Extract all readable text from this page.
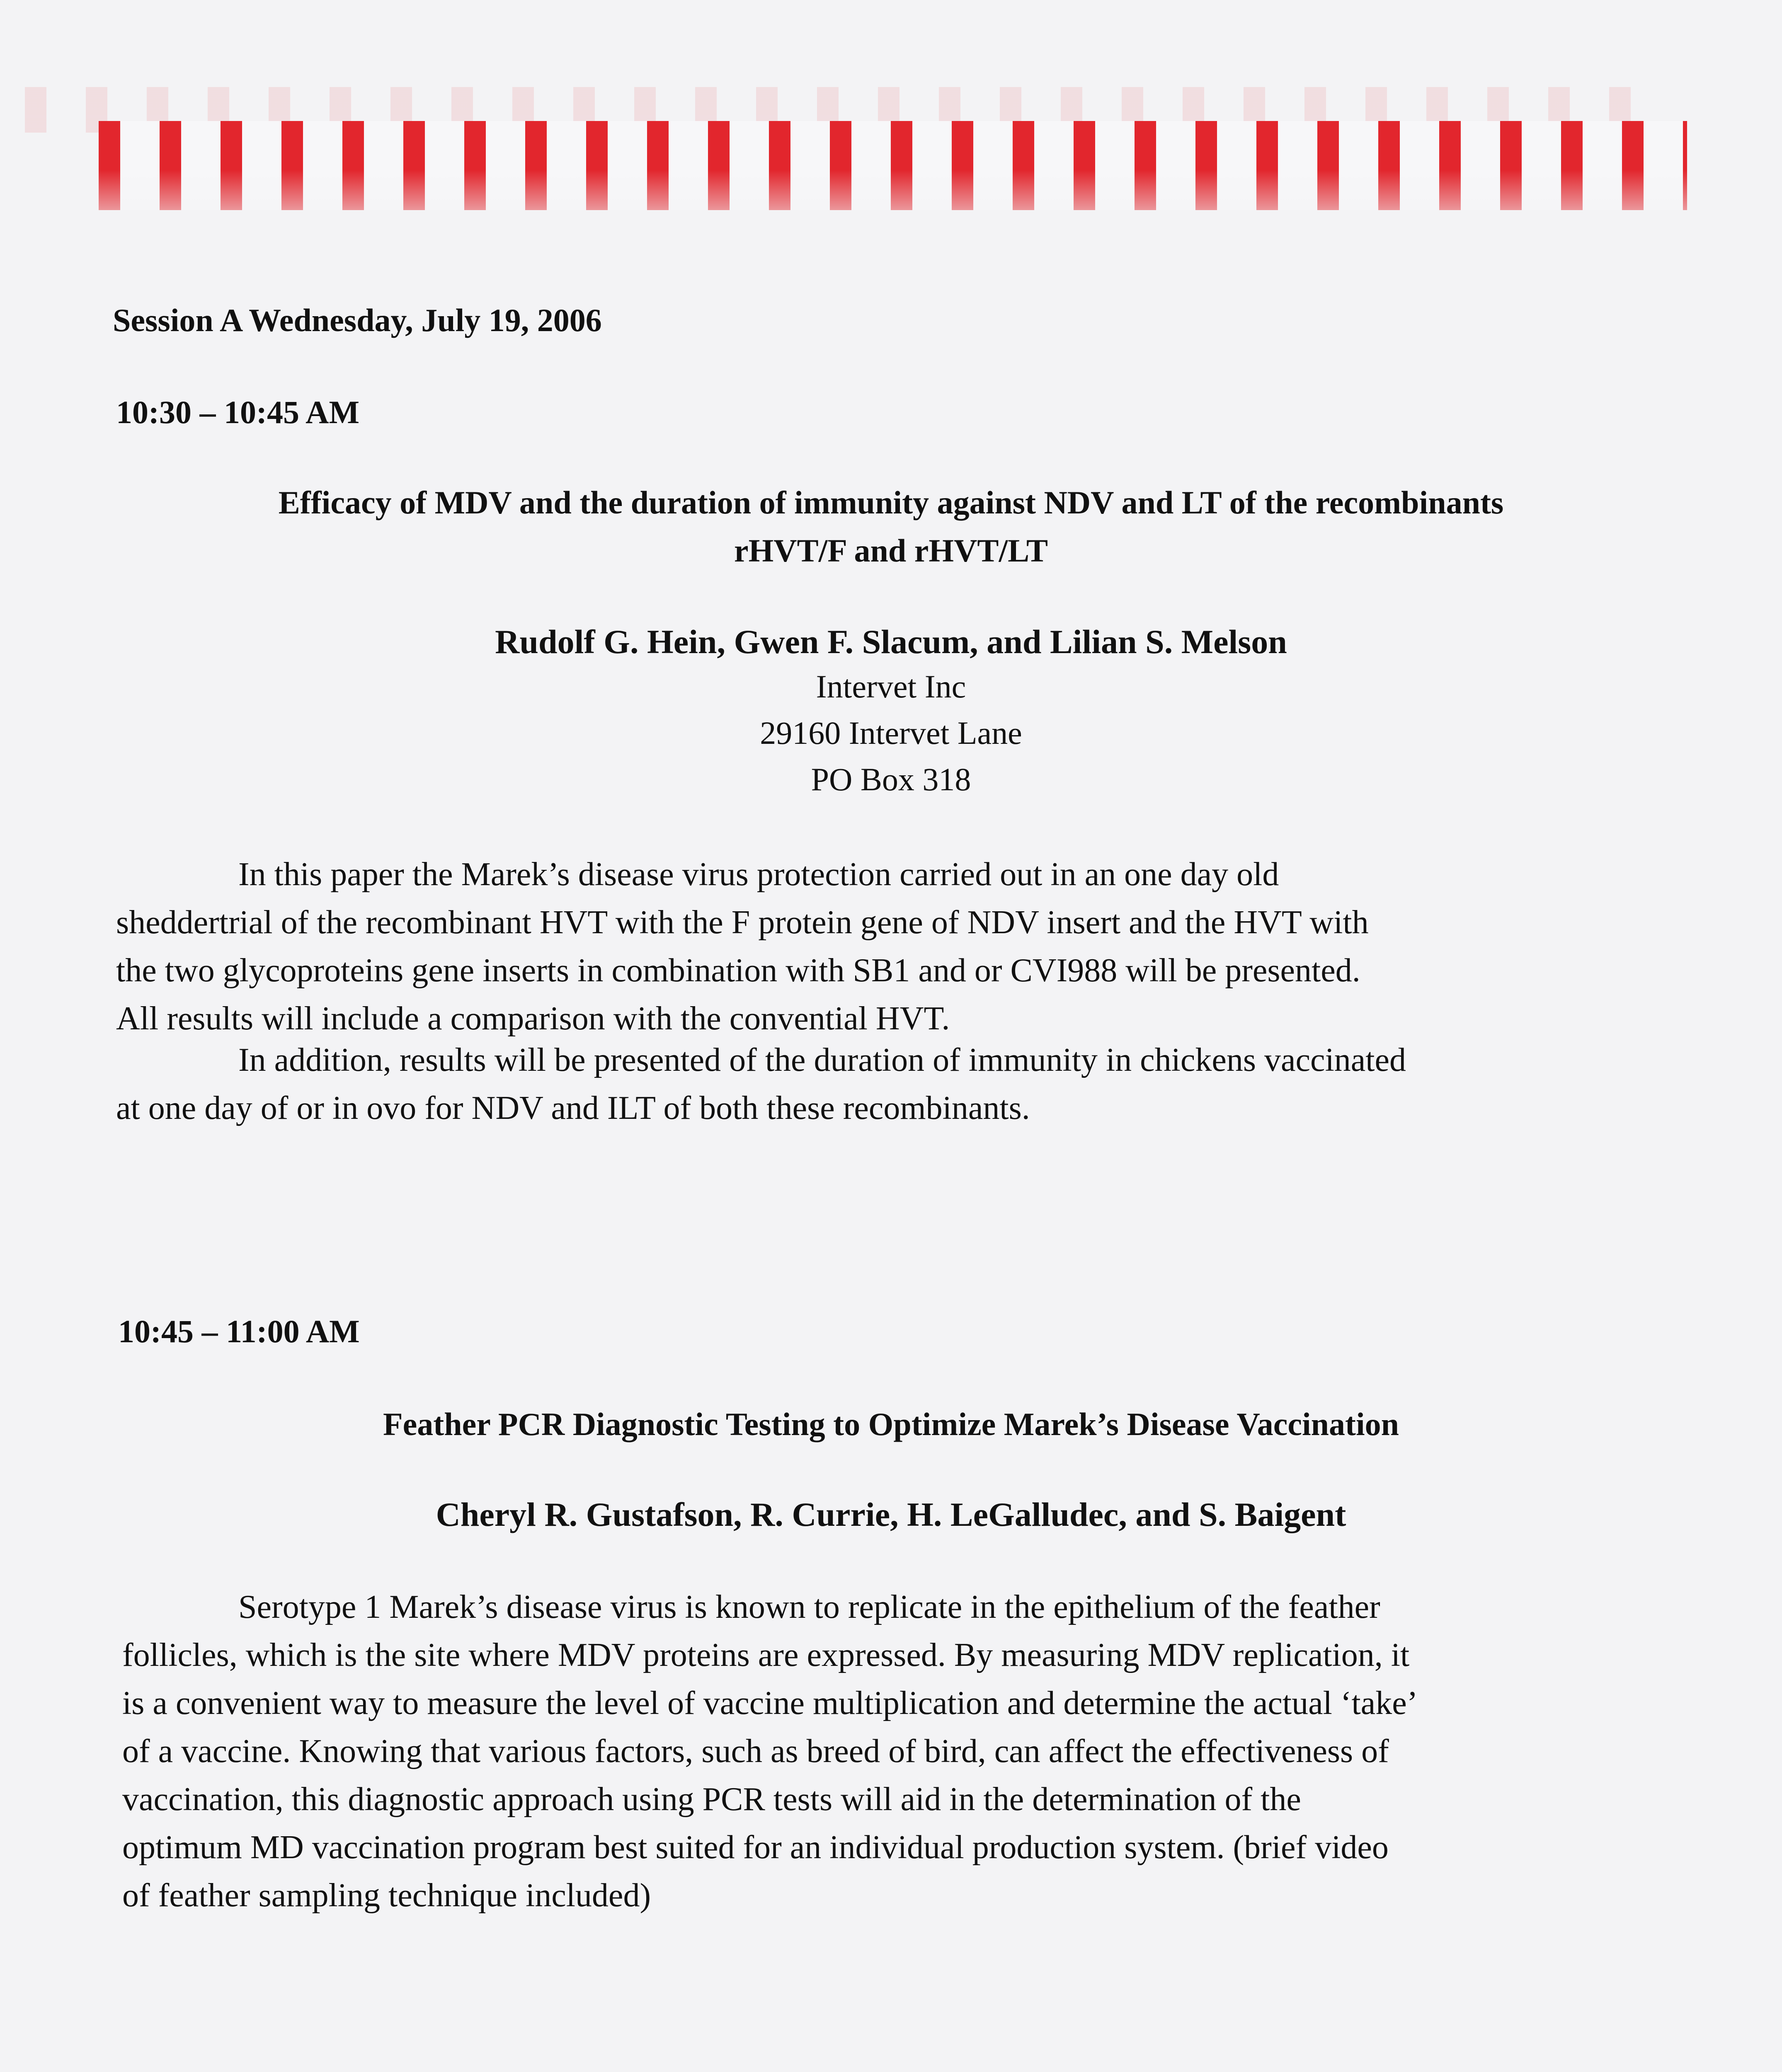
Session A Wednesday, July 19, 2006
10:30 – 10:45 AM
Efficacy of MDV and the duration of immunity against NDV and LT of the recombinants
rHVT/F and rHVT/LT
Rudolf G. Hein, Gwen F. Slacum, and Lilian S. Melson
Intervet Inc
29160 Intervet Lane
PO Box 318
In this paper the Marek’s disease virus protection carried out in an one day old
sheddertrial of the recombinant HVT with the F protein gene of NDV insert and the HVT with
the two glycoproteins gene inserts in combination with SB1 and or CVI988 will be presented.
All results will include a comparison with the convential HVT.
In addition, results will be presented of the duration of immunity in chickens vaccinated
at one day of or in ovo for NDV and ILT of both these recombinants.
10:45 – 11:00 AM
Feather PCR Diagnostic Testing to Optimize Marek’s Disease Vaccination
Cheryl R. Gustafson, R. Currie, H. LeGalludec, and S. Baigent
Serotype 1 Marek’s disease virus is known to replicate in the epithelium of the feather
follicles, which is the site where MDV proteins are expressed. By measuring MDV replication, it
is a convenient way to measure the level of vaccine multiplication and determine the actual ‘take’
of a vaccine. Knowing that various factors, such as breed of bird, can affect the effectiveness of
vaccination, this diagnostic approach using PCR tests will aid in the determination of the
optimum MD vaccination program best suited for an individual production system. (brief video
of feather sampling technique included)
